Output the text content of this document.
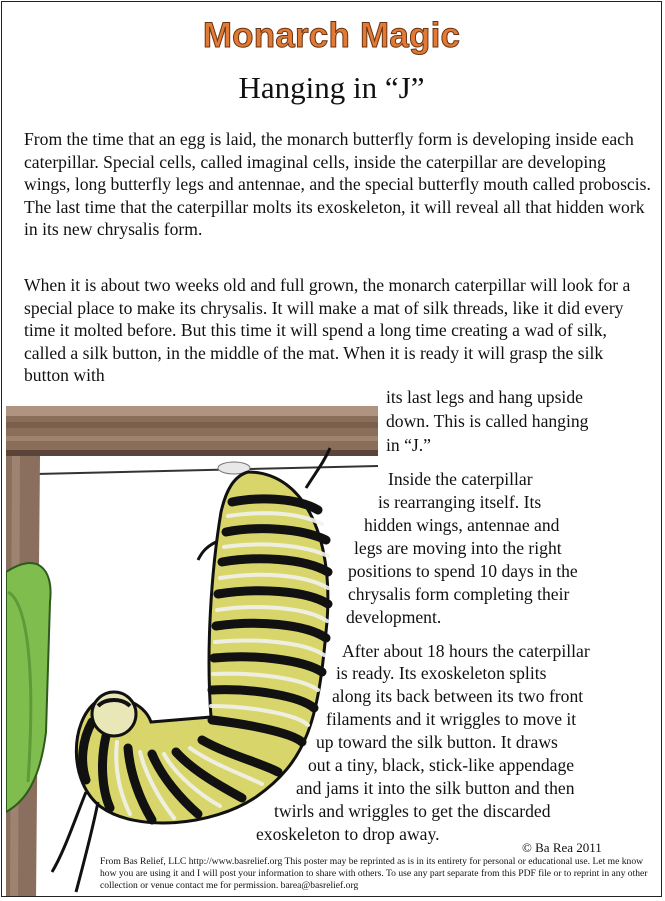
Monarch Magic
Hanging in “J”

From the time that an egg is laid, the monarch butterfly form is developing inside each caterpillar. Special cells, called imaginal cells, inside the caterpillar are developing wings, long butterfly legs and antennae, and the special butterfly mouth called proboscis. The last time that the caterpillar molts its exoskeleton, it will reveal all that hidden work in its new chrysalis form.

When it is about two weeks old and full grown, the monarch caterpillar will look for a special place to make its chrysalis. It will make a mat of silk threads, like it did every time it molted before. But this time it will spend a long time creating a wad of silk, called a silk button, in the middle of the mat. When it is ready it will grasp the silk button with

its last legs and hang upside
down. This is called hanging
in “J.”
Inside the caterpillar
is rearranging itself. Its
hidden wings, antennae and
legs are moving into the right
positions to spend 10 days in the
chrysalis form completing their
development.
After about 18 hours the caterpillar
is ready. Its exoskeleton splits
along its back between its two front
filaments and it wriggles to move it
up toward the silk button. It draws
out a tiny, black, stick-like appendage
and jams it into the silk button and then
twirls and wriggles to get the discarded
exoskeleton to drop away.
© Ba Rea 2011
From Bas Relief, LLC http://www.basrelief.org This poster may be reprinted as is in its entirety for personal or educational use. Let me know how you are using it and I will post your information to share with others. To use any part separate from this PDF file or to reprint in any other collection or venue contact me for permission. barea@basrelief.org
